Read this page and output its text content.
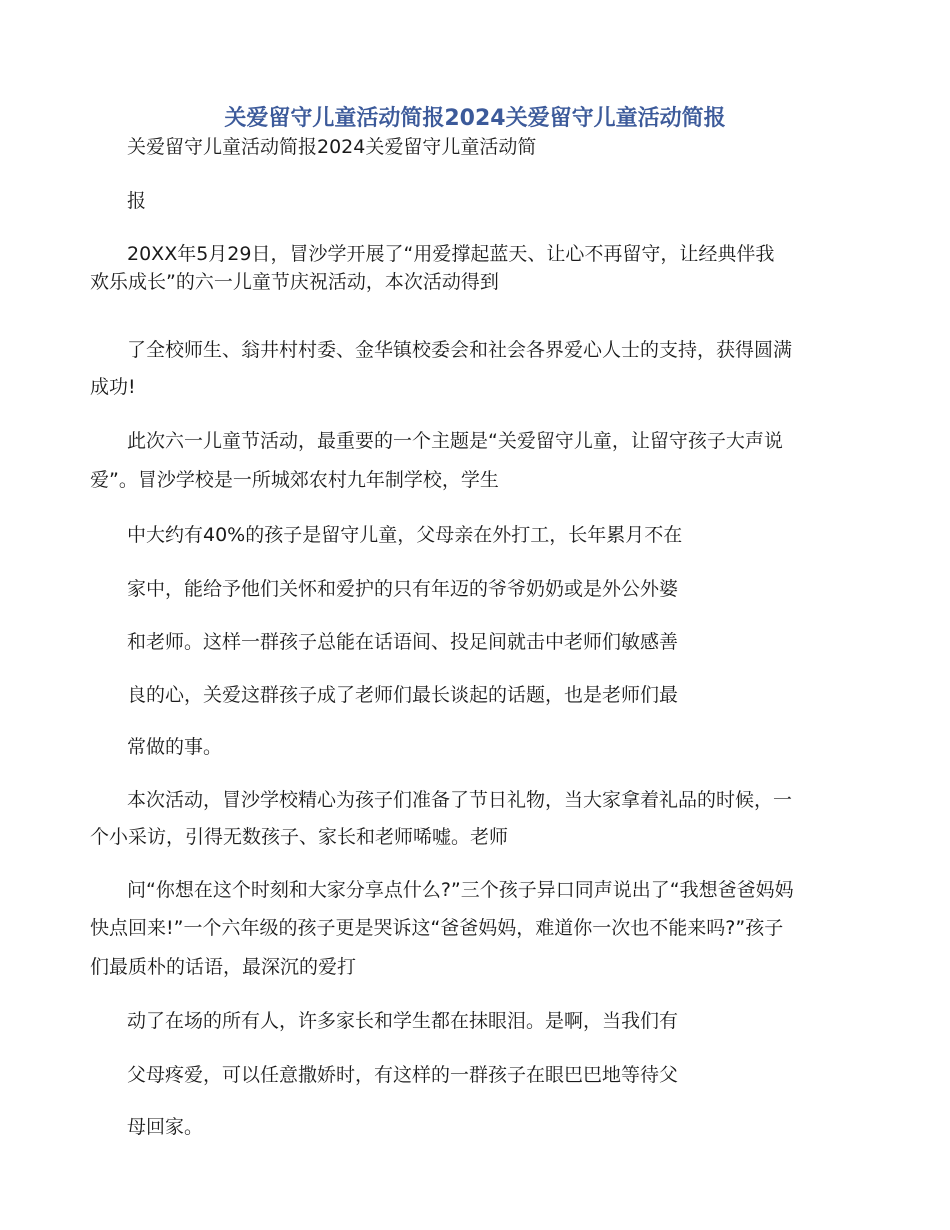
关爱留守儿童活动简报2024关爱留守儿童活动简报
关爱留守儿童活动简报2024关爱留守儿童活动简
报
20XX年5月29日，冒沙学开展了“用爱撑起蓝天、让心不再留守，让经典伴我
欢乐成长”的六一儿童节庆祝活动，本次活动得到
了全校师生、翁井村村委、金华镇校委会和社会各界爱心人士的支持，获得圆满
成功!
此次六一儿童节活动，最重要的一个主题是“关爱留守儿童，让留守孩子大声说
爱”。冒沙学校是一所城郊农村九年制学校，学生
中大约有40%的孩子是留守儿童，父母亲在外打工，长年累月不在
家中，能给予他们关怀和爱护的只有年迈的爷爷奶奶或是外公外婆
和老师。这样一群孩子总能在话语间、投足间就击中老师们敏感善
良的心，关爱这群孩子成了老师们最长谈起的话题，也是老师们最
常做的事。
本次活动，冒沙学校精心为孩子们准备了节日礼物，当大家拿着礼品的时候，一
个小采访，引得无数孩子、家长和老师唏嘘。老师
问“你想在这个时刻和大家分享点什么?”三个孩子异口同声说出了“我想爸爸妈妈
快点回来!”一个六年级的孩子更是哭诉这“爸爸妈妈，难道你一次也不能来吗?”孩子
们最质朴的话语，最深沉的爱打
动了在场的所有人，许多家长和学生都在抹眼泪。是啊，当我们有
父母疼爱，可以任意撒娇时，有这样的一群孩子在眼巴巴地等待父
母回家。
